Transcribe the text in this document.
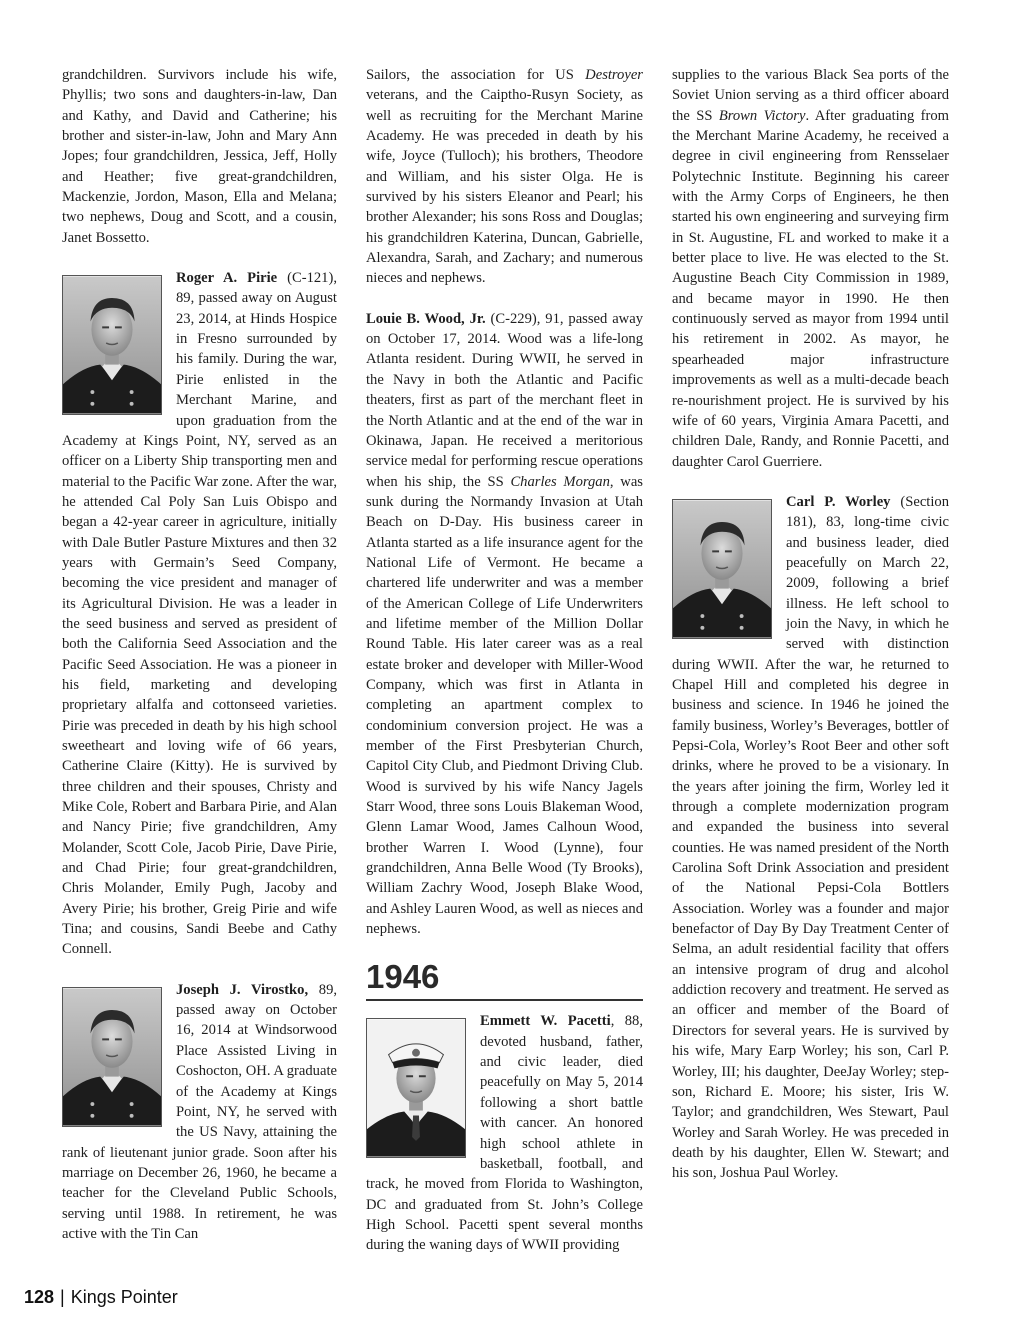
grandchildren. Survivors include his wife, Phyllis; two sons and daughters-in-law, Dan and Kathy, and David and Catherine; his brother and sister-in-law, John and Mary Ann Jopes; four grandchildren, Jessica, Jeff, Holly and Heather; five great-grandchildren, Mackenzie, Jordon, Mason, Ella and Melana; two nephews, Doug and Scott, and a cousin, Janet Bossetto.

Roger A. Pirie (C-121), 89, passed away on August 23, 2014, at Hinds Hospice in Fresno surrounded by his family. During the war, Pirie enlisted in the Merchant Marine, and upon graduation from the Academy at Kings Point, NY, served as an officer on a Liberty Ship transporting men and material to the Pacific War zone. After the war, he attended Cal Poly San Luis Obispo and began a 42-year career in agriculture, initially with Dale Butler Pasture Mixtures and then 32 years with Germain’s Seed Company, becoming the vice president and manager of its Agricultural Division. He was a leader in the seed business and served as president of both the California Seed Association and the Pacific Seed Association. He was a pioneer in his field, marketing and developing proprietary alfalfa and cottonseed varieties. Pirie was preceded in death by his high school sweetheart and loving wife of 66 years, Catherine Claire (Kitty). He is survived by three children and their spouses, Christy and Mike Cole, Robert and Barbara Pirie, and Alan and Nancy Pirie; five grandchildren, Amy Molander, Scott Cole, Jacob Pirie, Dave Pirie, and Chad Pirie; four great-grandchildren, Chris Molander, Emily Pugh, Jacoby and Avery Pirie; his brother, Greig Pirie and wife Tina; and cousins, Sandi Beebe and Cathy Connell.

Joseph J. Virostko, 89, passed away on October 16, 2014 at Windsorwood Place Assisted Living in Coshocton, OH. A graduate of the Academy at Kings Point, NY, he served with the US Navy, attaining the rank of lieutenant junior grade. Soon after his marriage on December 26, 1960, he became a teacher for the Cleveland Public Schools, serving until 1988. In retirement, he was active with the Tin Can

Sailors, the association for US Destroyer veterans, and the Caiptho-Rusyn Society, as well as recruiting for the Merchant Marine Academy. He was preceded in death by his wife, Joyce (Tulloch); his brothers, Theodore and William, and his sister Olga. He is survived by his sisters Eleanor and Pearl; his brother Alexander; his sons Ross and Douglas; his grandchildren Katerina, Duncan, Gabrielle, Alexandra, Sarah, and Zachary; and numerous nieces and nephews.

Louie B. Wood, Jr. (C-229), 91, passed away on October 17, 2014. Wood was a life-long Atlanta resident. During WWII, he served in the Navy in both the Atlantic and Pacific theaters, first as part of the merchant fleet in the North Atlantic and at the end of the war in Okinawa, Japan. He received a meritorious service medal for performing rescue operations when his ship, the SS Charles Morgan, was sunk during the Normandy Invasion at Utah Beach on D-Day. His business career in Atlanta started as a life insurance agent for the National Life of Vermont. He became a chartered life underwriter and was a member of the American College of Life Underwriters and lifetime member of the Million Dollar Round Table. His later career was as a real estate broker and developer with Miller-Wood Company, which was first in Atlanta in completing an apartment complex to condominium conversion project. He was a member of the First Presbyterian Church, Capitol City Club, and Piedmont Driving Club. Wood is survived by his wife Nancy Jagels Starr Wood, three sons Louis Blakeman Wood, Glenn Lamar Wood, James Calhoun Wood, brother Warren I. Wood (Lynne), four grandchildren, Anna Belle Wood (Ty Brooks), William Zachry Wood, Joseph Blake Wood, and Ashley Lauren Wood, as well as nieces and nephews.

1946

Emmett W. Pacetti, 88, devoted husband, father, and civic leader, died peacefully on May 5, 2014 following a short battle with cancer. An honored high school athlete in basketball, football, and track, he moved from Florida to Washington, DC and graduated from St. John’s College High School. Pacetti spent several months during the waning days of WWII providing

supplies to the various Black Sea ports of the Soviet Union serving as a third officer aboard the SS Brown Victory. After graduating from the Merchant Marine Academy, he received a degree in civil engineering from Rensselaer Polytechnic Institute. Beginning his career with the Army Corps of Engineers, he then started his own engineering and surveying firm in St. Augustine, FL and worked to make it a better place to live. He was elected to the St. Augustine Beach City Commission in 1989, and became mayor in 1990. He then continuously served as mayor from 1994 until his retirement in 2002. As mayor, he spearheaded major infrastructure improvements as well as a multi-decade beach re-nourishment project. He is survived by his wife of 60 years, Virginia Amara Pacetti, and children Dale, Randy, and Ronnie Pacetti, and daughter Carol Guerriere.

Carl P. Worley (Section 181), 83, long-time civic and business leader, died peacefully on March 22, 2009, following a brief illness. He left school to join the Navy, in which he served with distinction during WWII. After the war, he returned to Chapel Hill and completed his degree in business and science. In 1946 he joined the family business, Worley’s Beverages, bottler of Pepsi-Cola, Worley’s Root Beer and other soft drinks, where he proved to be a visionary. In the years after joining the firm, Worley led it through a complete modernization program and expanded the business into several counties. He was named president of the North Carolina Soft Drink Association and president of the National Pepsi-Cola Bottlers Association. Worley was a founder and major benefactor of Day By Day Treatment Center of Selma, an adult residential facility that offers an intensive program of drug and alcohol addiction recovery and treatment. He served as an officer and member of the Board of Directors for several years. He is survived by his wife, Mary Earp Worley; his son, Carl P. Worley, III; his daughter, DeeJay Worley; step-son, Richard E. Moore; his sister, Iris W. Taylor; and grandchildren, Wes Stewart, Paul Worley and Sarah Worley. He was preceded in death by his daughter, Ellen W. Stewart; and his son, Joshua Paul Worley.

128 | Kings Pointer
